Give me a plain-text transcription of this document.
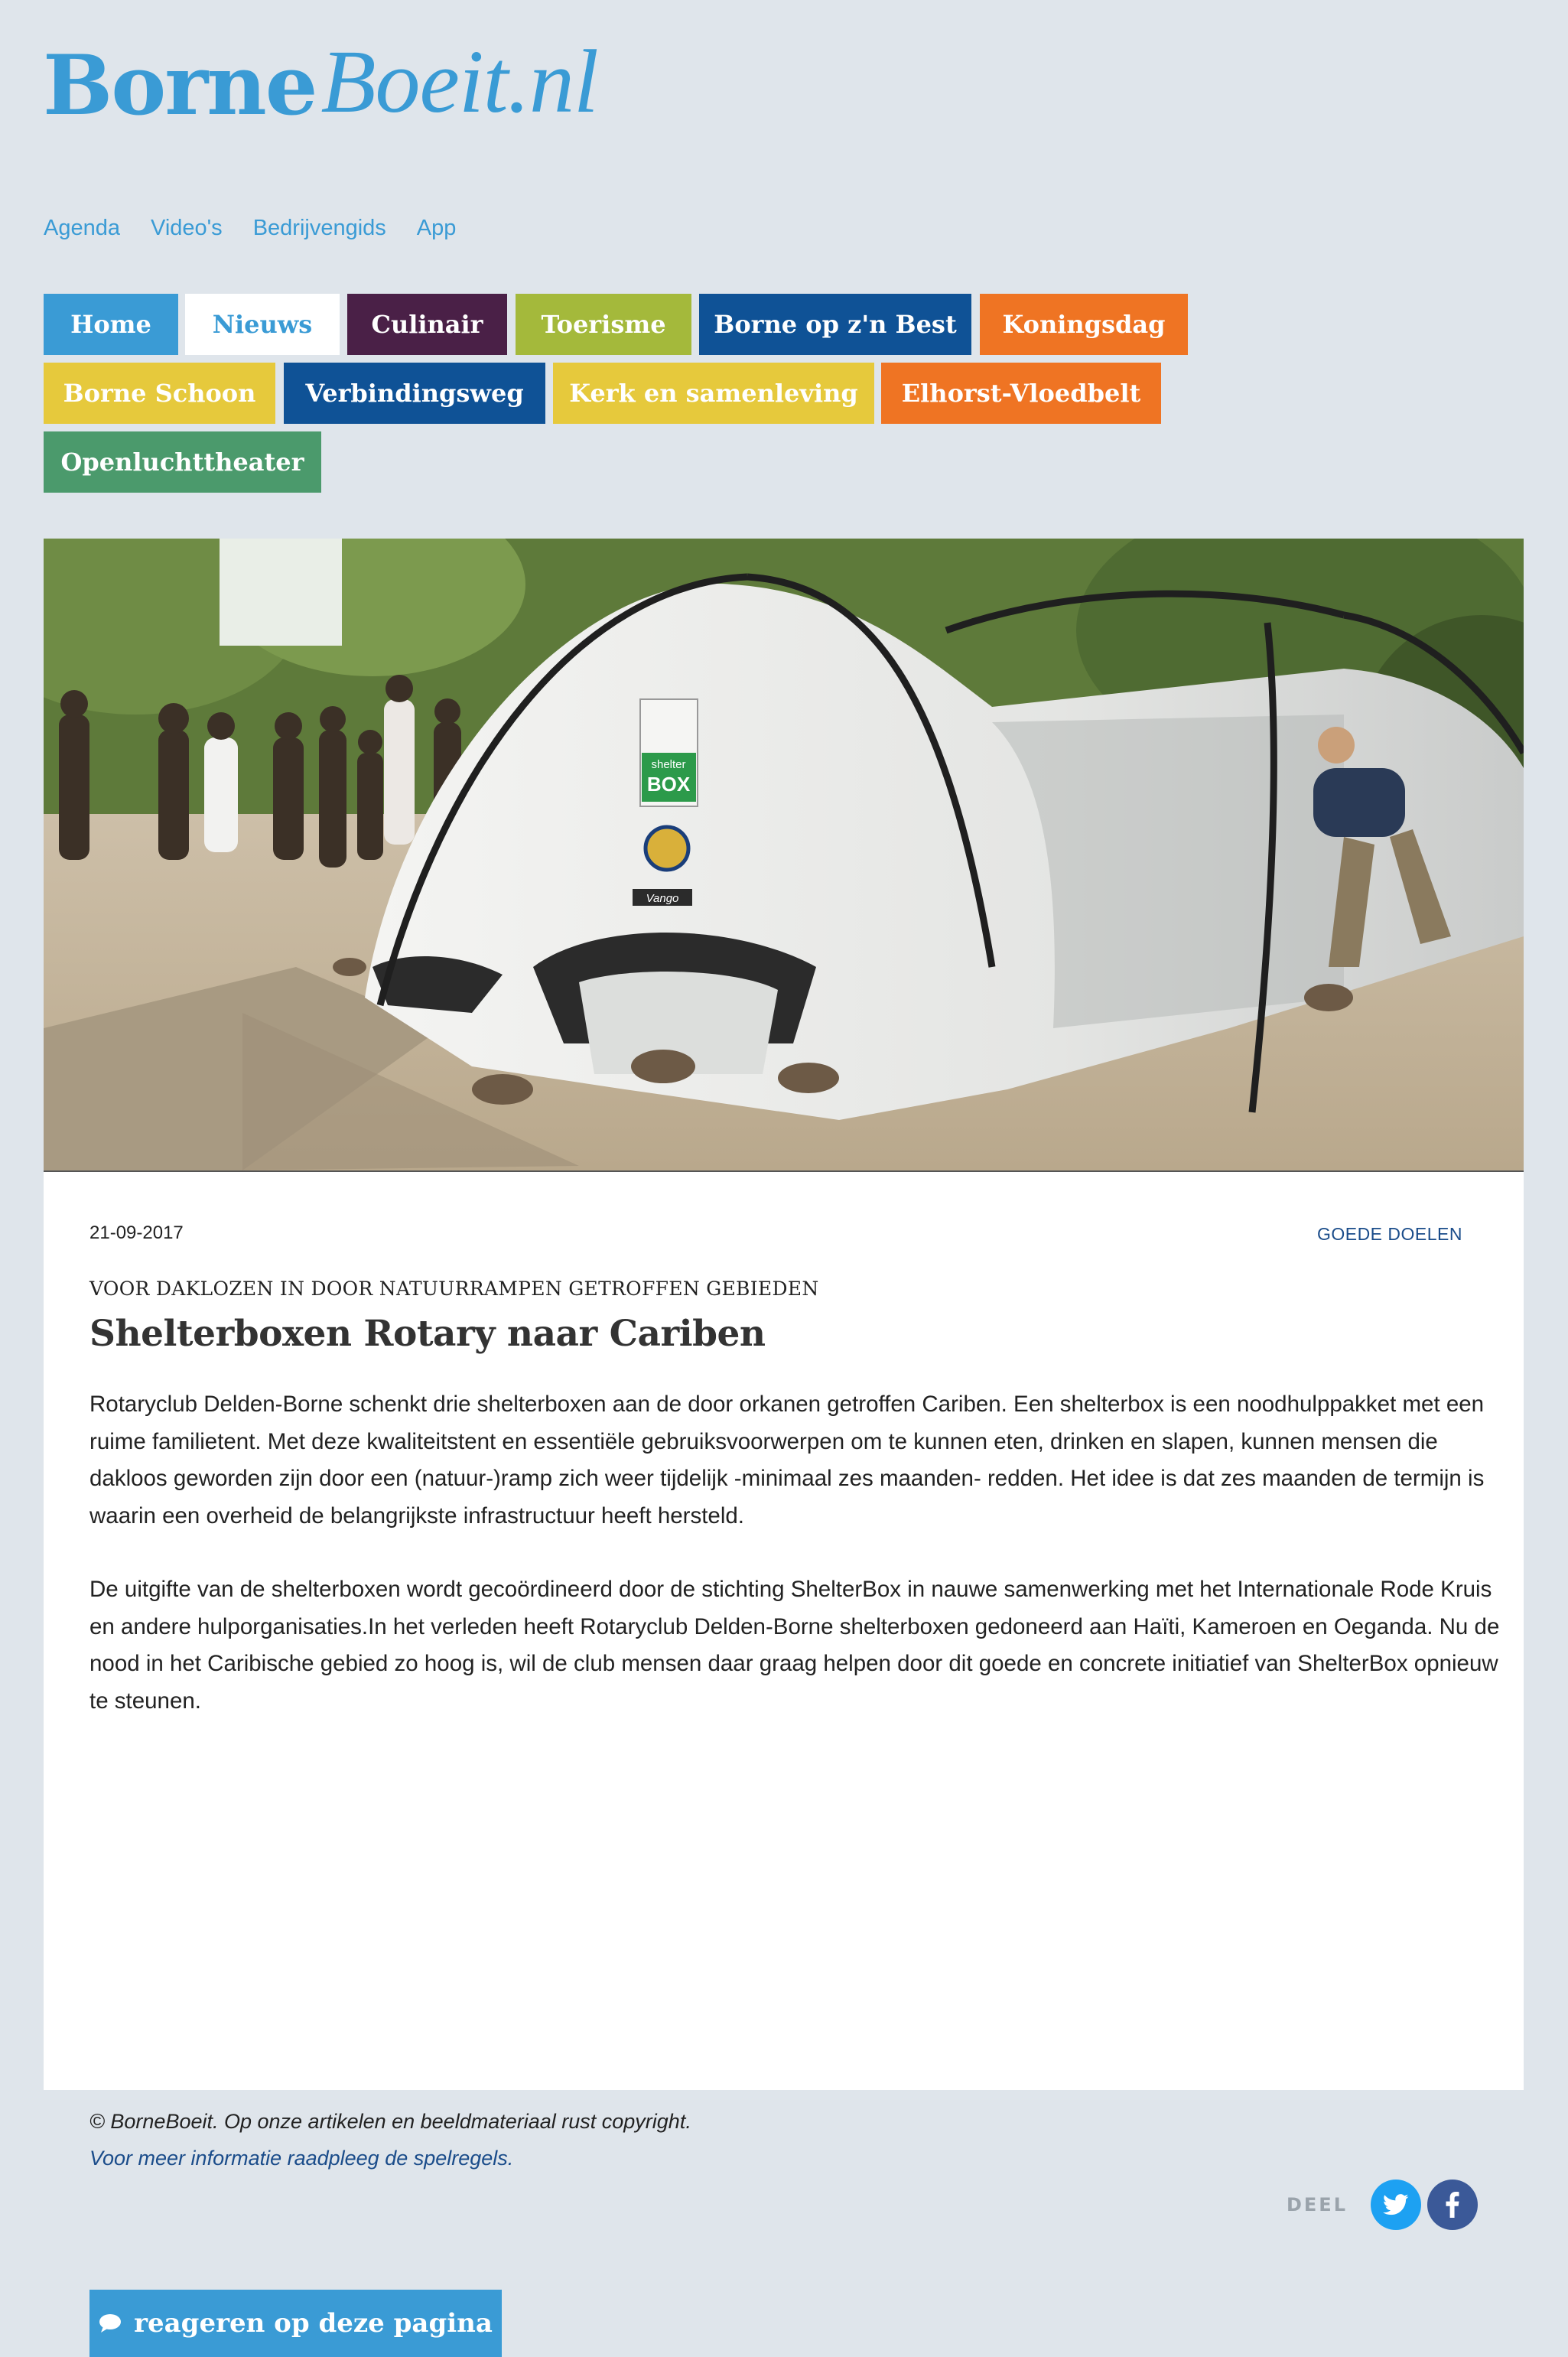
Borne Boeit.nl
Agenda Video's Bedrijvengids App
Home	Nieuws	Culinair	Toerisme	Borne op z'n Best	Koningsdag
Borne Schoon	Verbindingsweg	Kerk en samenleving	Elhorst-Vloedbelt
Openluchttheater
shelter
BOX
Vango
21-09-2017	GOEDE DOELEN
VOOR DAKLOZEN IN DOOR NATUURRAMPEN GETROFFEN GEBIEDEN
Shelterboxen Rotary naar Cariben

Rotaryclub Delden-Borne schenkt drie shelterboxen aan de door orkanen getroffen Cariben. Een shelterbox is een noodhulppakket met een ruime familietent. Met deze kwaliteitstent en essentiële gebruiksvoorwerpen om te kunnen eten, drinken en slapen, kunnen mensen die dakloos geworden zijn door een (natuur-)ramp zich weer tijdelijk -minimaal zes maanden- redden. Het idee is dat zes maanden de termijn is waarin een overheid de belangrijkste infrastructuur heeft hersteld.

De uitgifte van de shelterboxen wordt gecoördineerd door de stichting ShelterBox in nauwe samenwerking met het Internationale Rode Kruis en andere hulporganisaties.In het verleden heeft Rotaryclub Delden-Borne shelterboxen gedoneerd aan Haïti, Kameroen en Oeganda. Nu de nood in het Caribische gebied zo hoog is, wil de club mensen daar graag helpen door dit goede en concrete initiatief van ShelterBox opnieuw te steunen.

© BorneBoeit. Op onze artikelen en beeldmateriaal rust copyright.
Voor meer informatie raadpleeg de spelregels.
DEEL
reageren op deze pagina
